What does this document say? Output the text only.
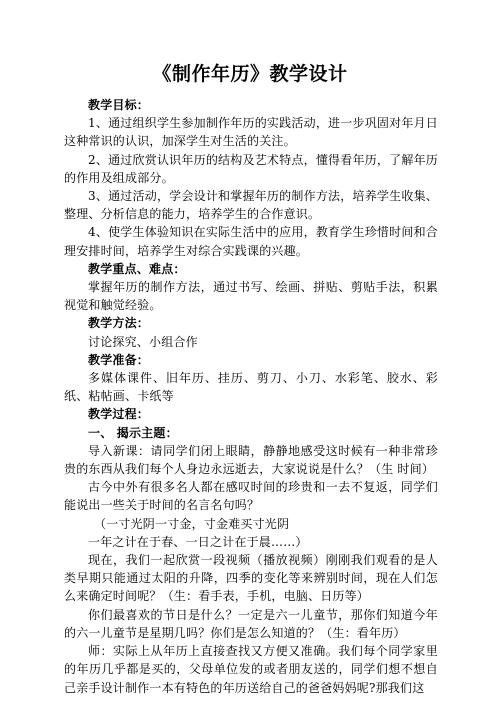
《制作年历》教学设计

教学目标：

1、通过组织学生参加制作年历的实践活动，进一步巩固对年月日这种常识的认识，加深学生对生活的关注。

2、通过欣赏认识年历的结构及艺术特点，懂得看年历，了解年历的作用及组成部分。

3、通过活动，学会设计和掌握年历的制作方法，培养学生收集、整理、分析信息的能力，培养学生的合作意识。

4、使学生体验知识在实际生活中的应用，教育学生珍惜时间和合理安排时间，培养学生对综合实践课的兴趣。

教学重点、难点：

掌握年历的制作方法，通过书写、绘画、拼贴、剪贴手法，积累视觉和触觉经验。

教学方法：

讨论探究、小组合作

教学准备：

多媒体课件、旧年历、挂历、剪刀、小刀、水彩笔、胶水、彩纸、粘帖画、卡纸等

教学过程：

一、 揭示主题：

导入新课：请同学们闭上眼睛，静静地感受这时候有一种非常珍贵的东西从我们每个人身边永远逝去，大家说说是什么？（生 时间）

古今中外有很多名人都在感叹时间的珍贵和一去不复返，同学们能说出一些关于时间的名言名句吗？

（一寸光阴一寸金，寸金难买寸光阴

一年之计在于春、一日之计在于晨……）

现在，我们一起欣赏一段视频（播放视频）刚刚我们观看的是人类早期只能通过太阳的升降，四季的变化等来辨别时间，现在人们怎么来确定时间呢？（生：看手表，手机，电脑、日历等）

你们最喜欢的节日是什么？一定是六一儿童节，那你们知道今年的六一儿童节是星期几吗？你们是怎么知道的？（生：看年历）

师：实际上从年历上直接查找又方便又准确。我们每个同学家里的年历几乎都是买的，父母单位发的或者朋友送的，同学们想不想自己亲手设计制作一本有特色的年历送给自己的爸爸妈妈呢?那我们这
